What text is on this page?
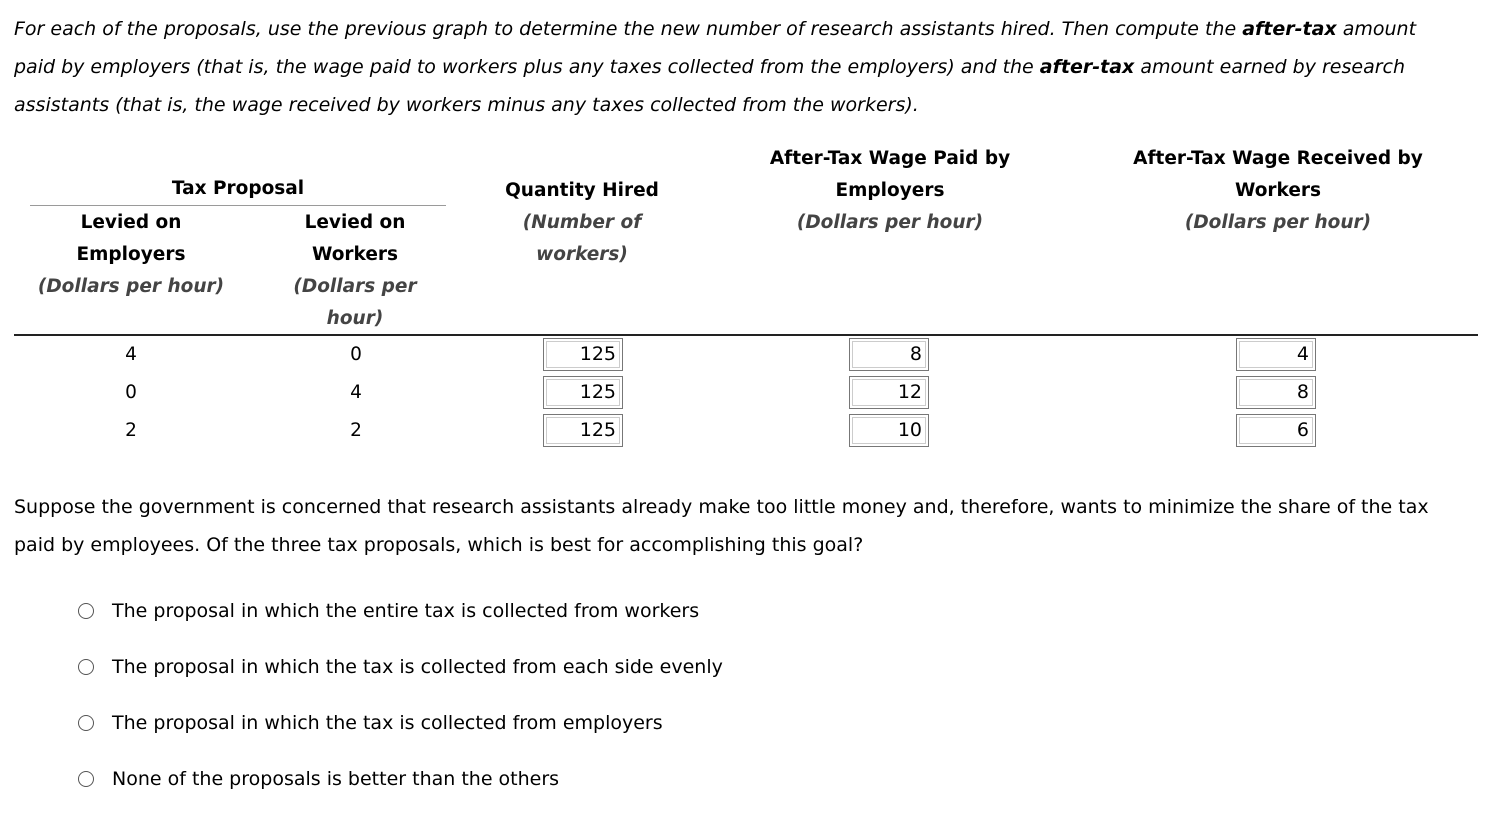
For each of the proposals, use the previous graph to determine the new number of research assistants hired. Then compute the after-tax amount paid by employers (that is, the wage paid to workers plus any taxes collected from the employers) and the after-tax amount earned by research assistants (that is, the wage received by workers minus any taxes collected from the workers).
Tax Proposal
Levied on
Employers
(Dollars per hour)
Levied on
Workers
(Dollars per
hour)
Quantity Hired
(Number of
workers)
After-Tax Wage Paid by
Employers
(Dollars per hour)
After-Tax Wage Received by
Workers
(Dollars per hour)
4	0	125	8	4
0	4	125	12	8
2	2	125	10	6
Suppose the government is concerned that research assistants already make too little money and, therefore, wants to minimize the share of the tax paid by employees. Of the three tax proposals, which is best for accomplishing this goal?
The proposal in which the entire tax is collected from workers
The proposal in which the tax is collected from each side evenly
The proposal in which the tax is collected from employers
None of the proposals is better than the others
